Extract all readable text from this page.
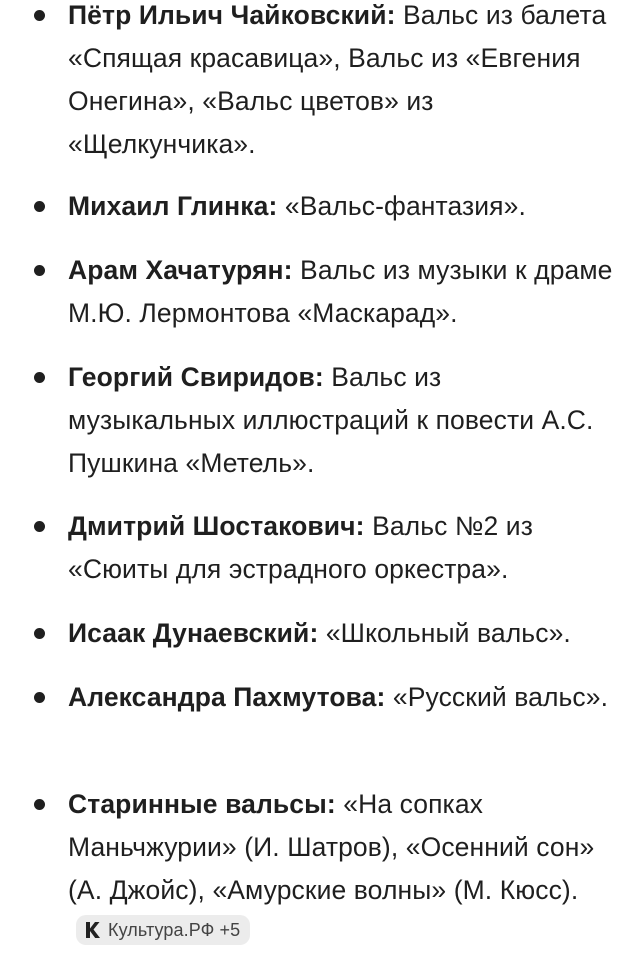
Пётр Ильич Чайковский: Вальс из балета «Спящая красавица», Вальс из «Евгения Онегина», «Вальс цветов» из «Щелкунчика».
Михаил Глинка: «Вальс-фантазия».
Арам Хачатурян: Вальс из музыки к драме М.Ю. Лермонтова «Маскарад».
Георгий Свиридов: Вальс из музыкальных иллюстраций к повести А.С. Пушкина «Метель».
Дмитрий Шостакович: Вальс №2 из «Сюиты для эстрадного оркестра».
Исаак Дунаевский: «Школьный вальс».
Александра Пахмутова: «Русский вальс».
Старинные вальсы: «На сопках Маньчжурии» (И. Шатров), «Осенний сон» (А. Джойс), «Амурские волны» (М. Кюсс).
Культура.РФ +5
